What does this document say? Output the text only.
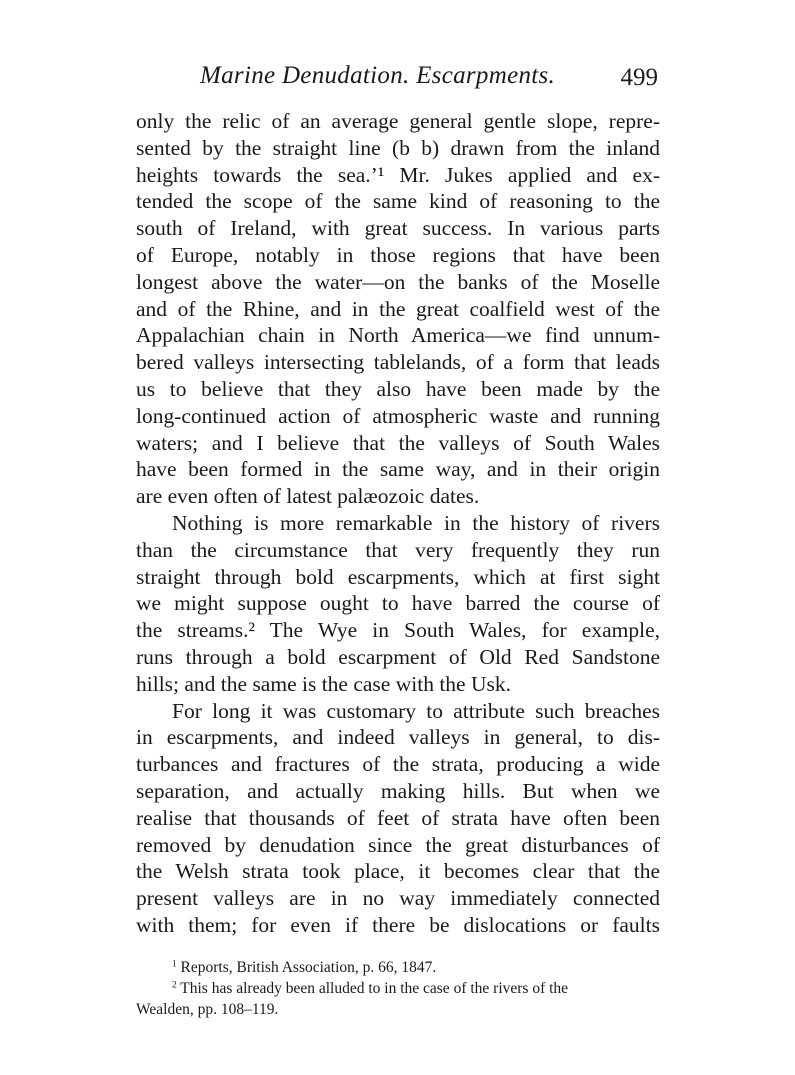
Marine Denudation. Escarpments.	499

only the relic of an average general gentle slope, repre-
sented by the straight line (b b) drawn from the inland
heights towards the sea.’¹ Mr. Jukes applied and ex-
tended the scope of the same kind of reasoning to the
south of Ireland, with great success. In various parts
of Europe, notably in those regions that have been
longest above the water—on the banks of the Moselle
and of the Rhine, and in the great coalfield west of the
Appalachian chain in North America—we find unnum-
bered valleys intersecting tablelands, of a form that leads
us to believe that they also have been made by the
long-continued action of atmospheric waste and running
waters; and I believe that the valleys of South Wales
have been formed in the same way, and in their origin
are even often of latest palæozoic dates.

Nothing is more remarkable in the history of rivers
than the circumstance that very frequently they run
straight through bold escarpments, which at first sight
we might suppose ought to have barred the course of
the streams.² The Wye in South Wales, for example,
runs through a bold escarpment of Old Red Sandstone
hills; and the same is the case with the Usk.

For long it was customary to attribute such breaches
in escarpments, and indeed valleys in general, to dis-
turbances and fractures of the strata, producing a wide
separation, and actually making hills. But when we
realise that thousands of feet of strata have often been
removed by denudation since the great disturbances of
the Welsh strata took place, it becomes clear that the
present valleys are in no way immediately connected
with them; for even if there be dislocations or faults

$^1$ Reports, British Association, p. 66, 1847.

$^2$ This has already been alluded to in the case of the rivers of the
Wealden, pp. 108–119.
